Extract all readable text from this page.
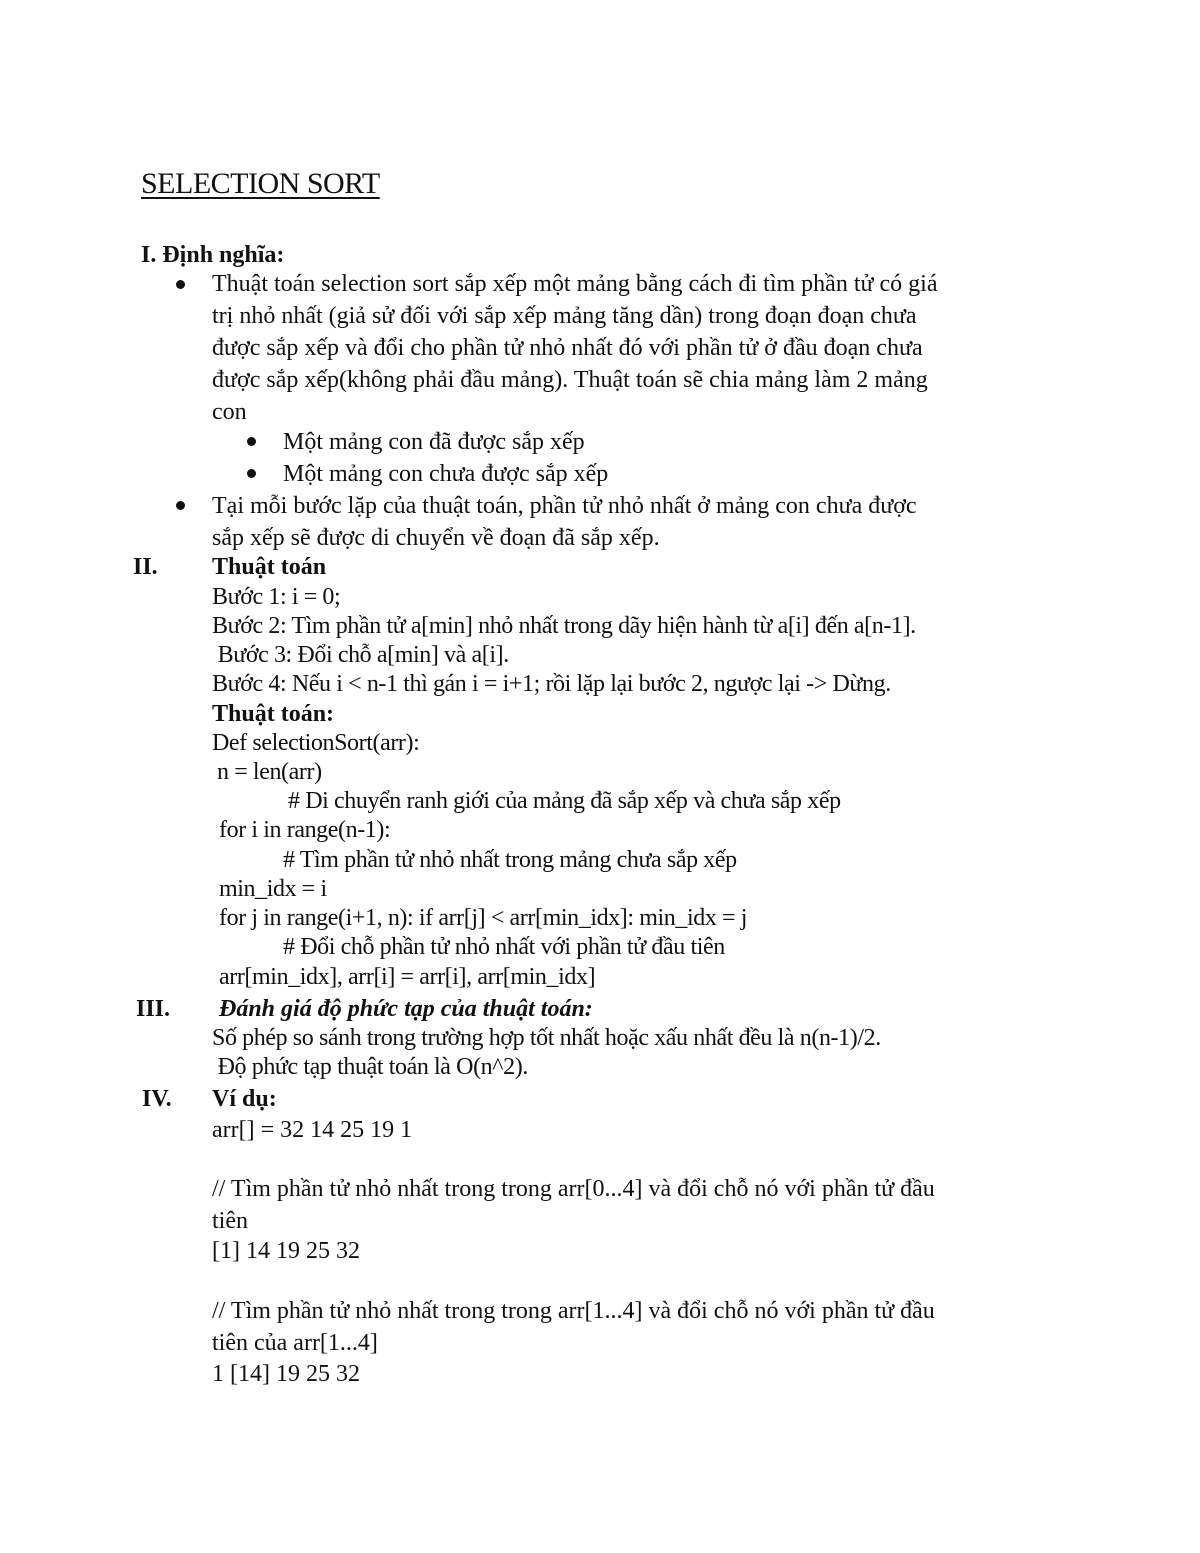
SELECTION SORT
I. Định nghĩa:
Thuật toán selection sort sắp xếp một mảng bằng cách đi tìm phần tử có giá
trị nhỏ nhất (giả sử đối với sắp xếp mảng tăng dần) trong đoạn đoạn chưa
được sắp xếp và đổi cho phần tử nhỏ nhất đó với phần tử ở đầu đoạn chưa
được sắp xếp(không phải đầu mảng). Thuật toán sẽ chia mảng làm 2 mảng
con
Một mảng con đã được sắp xếp
Một mảng con chưa được sắp xếp
Tại mỗi bước lặp của thuật toán, phần tử nhỏ nhất ở mảng con chưa được
sắp xếp sẽ được di chuyển về đoạn đã sắp xếp.
II. Thuật toán
Bước 1: i = 0;
Bước 2: Tìm phần tử a[min] nhỏ nhất trong dãy hiện hành từ a[i] đến a[n-1].
Bước 3: Đổi chỗ a[min] và a[i].
Bước 4: Nếu i < n-1 thì gán i = i+1; rồi lặp lại bước 2, ngược lại -> Dừng.
Thuật toán:
Def selectionSort(arr):
n = len(arr)
# Di chuyển ranh giới của mảng đã sắp xếp và chưa sắp xếp
for i in range(n-1):
# Tìm phần tử nhỏ nhất trong mảng chưa sắp xếp
min_idx = i
for j in range(i+1, n): if arr[j] < arr[min_idx]: min_idx = j
# Đổi chỗ phần tử nhỏ nhất với phần tử đầu tiên
arr[min_idx], arr[i] = arr[i], arr[min_idx]
III. Đánh giá độ phức tạp của thuật toán:
Số phép so sánh trong trường hợp tốt nhất hoặc xấu nhất đều là n(n-1)/2.
Độ phức tạp thuật toán là O(n^2).
IV. Ví dụ:
arr[] = 32 14 25 19 1
// Tìm phần tử nhỏ nhất trong trong arr[0...4] và đổi chỗ nó với phần tử đầu
tiên
[1] 14 19 25 32
// Tìm phần tử nhỏ nhất trong trong arr[1...4] và đổi chỗ nó với phần tử đầu
tiên của arr[1...4]
1 [14] 19 25 32
